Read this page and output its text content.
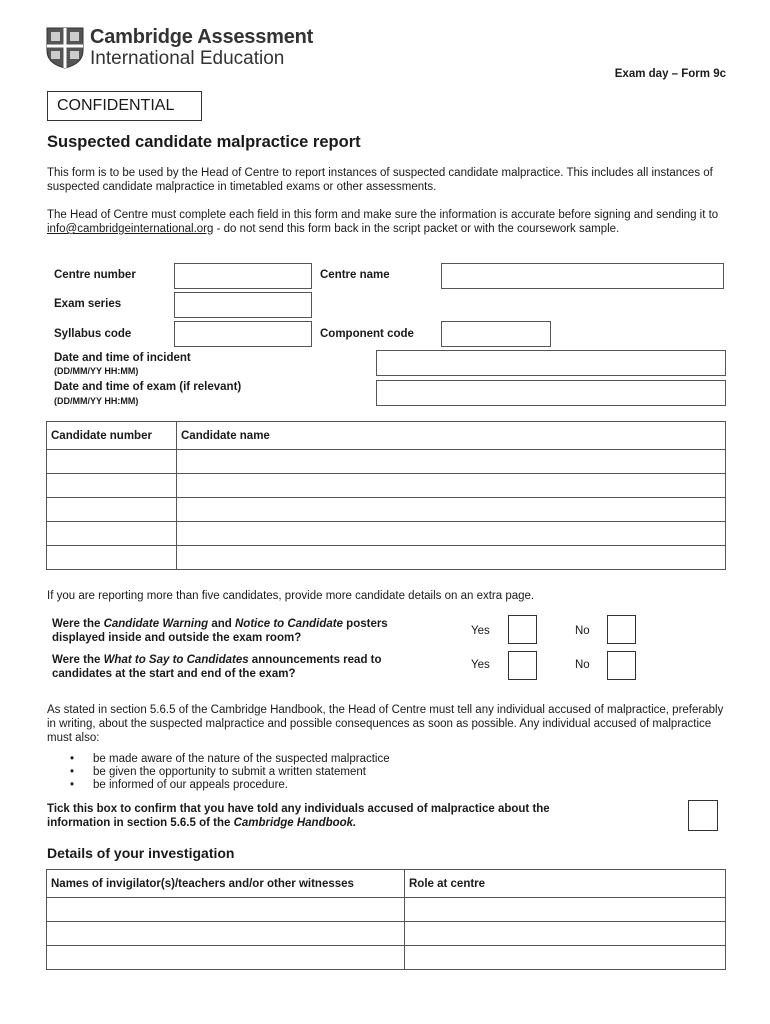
Cambridge Assessment
International Education
Exam day – Form 9c
CONFIDENTIAL
Suspected candidate malpractice report

This form is to be used by the Head of Centre to report instances of suspected candidate malpractice. This includes all instances of suspected candidate malpractice in timetabled exams or other assessments.

The Head of Centre must complete each field in this form and make sure the information is accurate before signing and sending it to info@cambridgeinternational.org - do not send this form back in the script packet or with the coursework sample.

Centre number	Centre name
Exam series
Syllabus code	Component code
Date and time of incident
(DD/MM/YY HH:MM)
Date and time of exam (if relevant)
(DD/MM/YY HH:MM)
Candidate number	Candidate name

If you are reporting more than five candidates, provide more candidate details on an extra page.

Were the Candidate Warning and Notice to Candidate posters
displayed inside and outside the exam room?
Yes	No
Were the What to Say to Candidates announcements read to
candidates at the start and end of the exam?
Yes	No

As stated in section 5.6.5 of the Cambridge Handbook, the Head of Centre must tell any individual accused of malpractice, preferably in writing, about the suspected malpractice and possible consequences as soon as possible. Any individual accused of malpractice must also:

• be made aware of the nature of the suspected malpractice
• be given the opportunity to submit a written statement
• be informed of our appeals procedure.
Tick this box to confirm that you have told any individuals accused of malpractice about the
information in section 5.6.5 of the Cambridge Handbook.
Details of your investigation
Names of invigilator(s)/teachers and/or other witnesses	Role at centre
